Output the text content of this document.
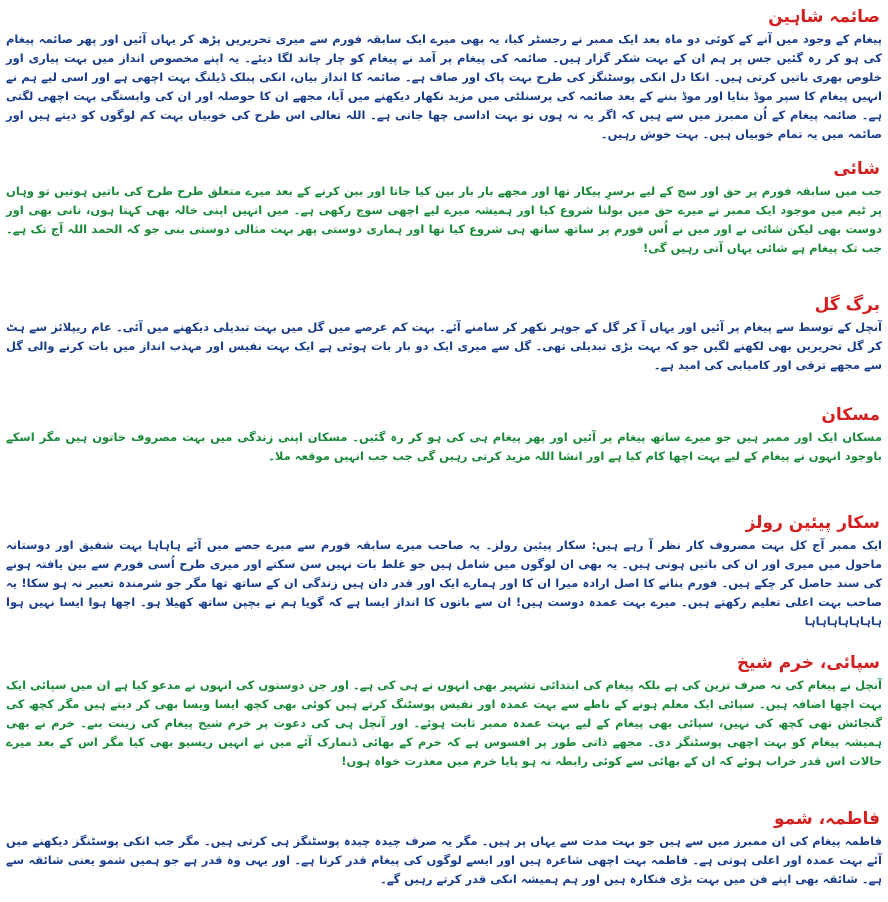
صائمہ شاہین

پیغام کے وجود میں آنے کے کوئی دو ماہ بعد ایک ممبر نے رجسٹر کیا، یہ بھی میرے ایک سابقہ فورم سے میری تحریریں پڑھ کر یہاں آئیں اور پھر صائمہ پیغام کی ہو کر رہ گئیں جس پر ہم ان کے بہت شکر گزار ہیں۔ صائمہ کی پیغام پر آمد نے پیغام کو چار چاند لگا دیئے۔ یہ اپنے مخصوص انداز میں بہت پیاری اور خلوص بھری باتیں کرتی ہیں۔ انکا دل انکی پوسٹنگز کی طرح بہت پاک اور صاف ہے۔ صائمہ کا انداز بیان، انکی پبلک ڈیلنگ بہت اچھی ہے اور اسی لیے ہم نے انہیں پیغام کا سپر موڈ بنایا اور موڈ بننے کے بعد صائمہ کی پرسنلٹی میں مزید نکھار دیکھنے میں آیا، مجھے ان کا حوصلہ اور ان کی وابستگی بہت اچھی لگتی ہے۔ صائمہ پیغام کے اُن ممبرز میں سے ہیں کہ اگر یہ نہ ہوں تو بہت اداسی چھا جاتی ہے۔ اللہ تعالی اس طرح کی خوبیاں بہت کم لوگوں کو دیتے ہیں اور صائمہ میں یہ تمام خوبیاں ہیں۔ بہت خوش رہیں۔

شائی

جب میں سابقہ فورم پر حق اور سچ کے لیے برسرِ پیکار تھا اور مجھے بار بار بین کیا جاتا اور بین کرنے کے بعد میرے متعلق طرح طرح کی باتیں ہوتیں تو وہاں پر ٹیم میں موجود ایک ممبر نے میرے حق میں بولنا شروع کیا اور ہمیشہ میرے لیے اچھی سوچ رکھی ہے۔ میں انہیں اپنی خالہ بھی کہتا ہوں، نانی بھی اور دوست بھی لیکن شائی نے اور میں نے اُس فورم پر ساتھ ساتھ ہی شروع کیا تھا اور ہماری دوستی پھر بہت مثالی دوستی بنی جو کہ الحمد اللہ آج تک ہے۔ جب تک پیغام ہے شائی یہاں آتی رہیں گی!

برگ گل

آنچل کے توسط سے پیغام پر آئیں اور یہاں آ کر گل کے جوہر نکھر کر سامنے آئے۔ بہت کم عرصے میں گل میں بہت تبدیلی دیکھنے میں آئی۔ عام ریپلائز سے ہٹ کر گل تحریریں بھی لکھنے لگیں جو کہ بہت بڑی تبدیلی تھی۔ گل سے میری ایک دو بار بات ہوئی ہے ایک بہت نفیس اور مہذب انداز میں بات کرنے والی گل سے مجھے ترقی اور کامیابی کی امید ہے۔

مسکان

مسکان ایک اور ممبر ہیں جو میرے ساتھ پیغام پر آئیں اور پھر پیغام ہی کی ہو کر رہ گئیں۔ مسکان اپنی زندگی میں بہت مصروف خاتون ہیں مگر اسکے باوجود انہوں نے پیغام کے لیے بہت اچھا کام کیا ہے اور انشا اللہ مزید کرتی رہیں گی جب جب انہیں موقعہ ملا۔

سکار پیئین رولز

ایک ممبر آج کل بہت مصروف کار نظر آ رہے ہیں: سکار پیئین رولز۔ یہ صاحب میرے سابقہ فورم سے میرے حصے میں آئے ہاہاہا بہت شفیق اور دوستانہ ماحول میں میری اور ان کی باتیں ہوتی ہیں۔ یہ بھی ان لوگوں میں شامل ہیں جو غلط بات نہیں سن سکتے اور میری طرح اُسی فورم سے بین یافتہ ہونے کی سند حاصل کر چکے ہیں۔ فورم بنانے کا اصل ارادہ میرا ان کا اور ہمارے ایک اور قدر دان ہیں زندگی ان کے ساتھ تھا مگر جو شرمندہ تعبیر نہ ہو سکا! یہ صاحب بہت اعلی تعلیم رکھتے ہیں۔ میرے بہت عمدہ دوست ہیں! ان سے باتوں کا انداز ایسا ہے کہ گویا ہم نے بچپن ساتھ کھیلا ہو۔ اچھا ہوا ایسا نہیں ہوا ہاہاہاہاہاہاہا

سپائی، خرم شیخ

آنچل نے پیغام کی نہ صرف تزین کی ہے بلکہ پیغام کی ابتدائی تشہیر بھی انہوں نے ہی کی ہے۔ اور جن دوستوں کی انہوں نے مدعو کیا ہے ان میں سپائی ایک بہت اچھا اضافہ ہیں۔ سپائی ایک معلم ہونے کے ناطے سے بہت عمدہ اور نفیس پوسٹنگ کرتے ہیں کوئی بھی کچھ ایسا ویسا بھی کر دیتے ہیں مگر کچھ کی گنجائش تھی کچھ کی نہیں، سپائی بھی پیغام کے لیے بہت عمدہ ممبر ثابت ہوئے۔ اور آنچل ہی کی دعوت پر خرم شیخ پیغام کی زینت بنے۔ خرم نے بھی ہمیشہ پیغام کو بہت اچھی پوسٹنگز دی۔ مجھے ذاتی طور پر افسوس ہے کہ خرم کے بھائی ڈنمارک آئے میں نے انہیں ریسیو بھی کیا مگر اس کے بعد میرے حالات اس قدر خراب ہوئے کہ ان کے بھائی سے کوئی رابطہ نہ ہو پایا خرم میں معذرت خواہ ہوں!

فاطمہ، شمو

فاطمہ پیغام کی ان ممبرز میں سے ہیں جو بہت مدت سے یہاں پر ہیں۔ مگر یہ صرف چیدہ چیدہ پوسٹنگز ہی کرتی ہیں۔ مگر جب انکی پوسٹنگز دیکھنے میں آئے بہت عمدہ اور اعلی ہوتی ہے۔ فاطمہ بہت اچھی شاعرہ ہیں اور ایسے لوگوں کی پیغام قدر کرتا ہے۔ اور یہی وہ قدر ہے جو ہمیں شمو یعنی شائقہ سے ہے۔ شائقہ بھی اپنے فن میں بہت بڑی فنکارہ ہیں اور ہم ہمیشہ انکی قدر کرتے رہیں گے۔
